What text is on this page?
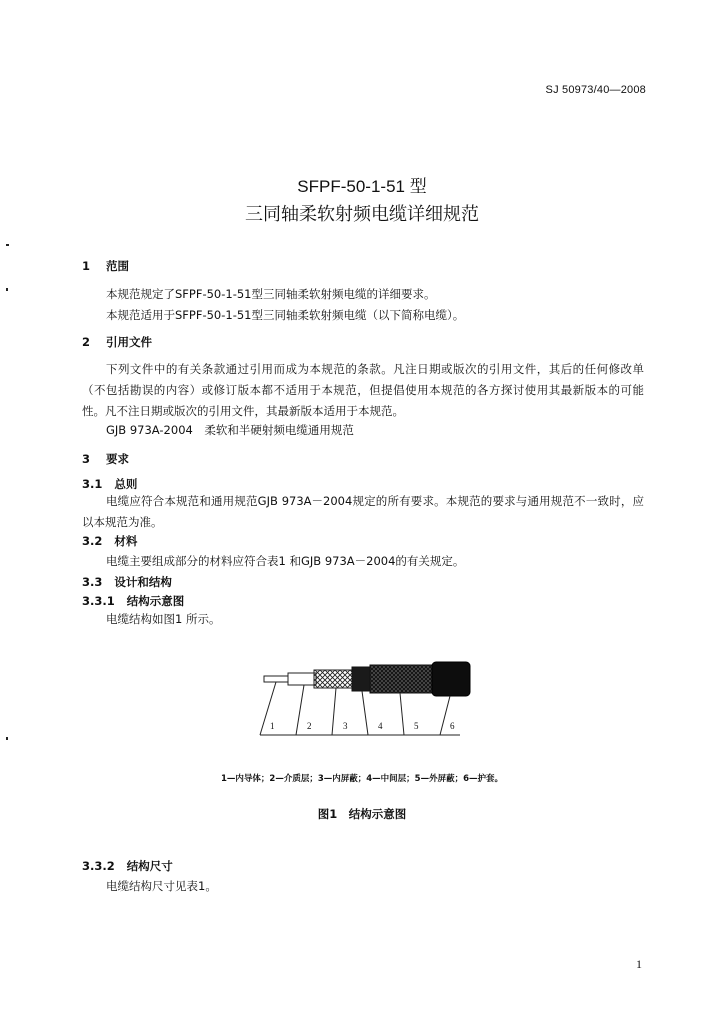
SJ 50973/40—2008
SFPF-50-1-51 型
三同轴柔软射频电缆详细规范
1 范围
本规范规定了SFPF-50-1-51型三同轴柔软射频电缆的详细要求。
本规范适用于SFPF-50-1-51型三同轴柔软射频电缆（以下简称电缆）。
2 引用文件
下列文件中的有关条款通过引用而成为本规范的条款。凡注日期或版次的引用文件，其后的任何修改单（不包括勘误的内容）或修订版本都不适用于本规范，但提倡使用本规范的各方探讨使用其最新版本的可能性。凡不注日期或版次的引用文件，其最新版本适用于本规范。
GJB 973A-2004　柔软和半硬射频电缆通用规范
3 要求
3.1 总则
电缆应符合本规范和通用规范GJB 973A－2004规定的所有要求。本规范的要求与通用规范不一致时，应以本规范为准。
3.2 材料
电缆主要组成部分的材料应符合表1 和GJB 973A－2004的有关规定。
3.3 设计和结构
3.3.1 结构示意图
电缆结构如图1 所示。
1	2	3	4	5	6
1—内导体；2—介质层；3—内屏蔽；4—中间层；5—外屏蔽；6—护套。
图1　结构示意图
3.3.2 结构尺寸
电缆结构尺寸见表1。
1
